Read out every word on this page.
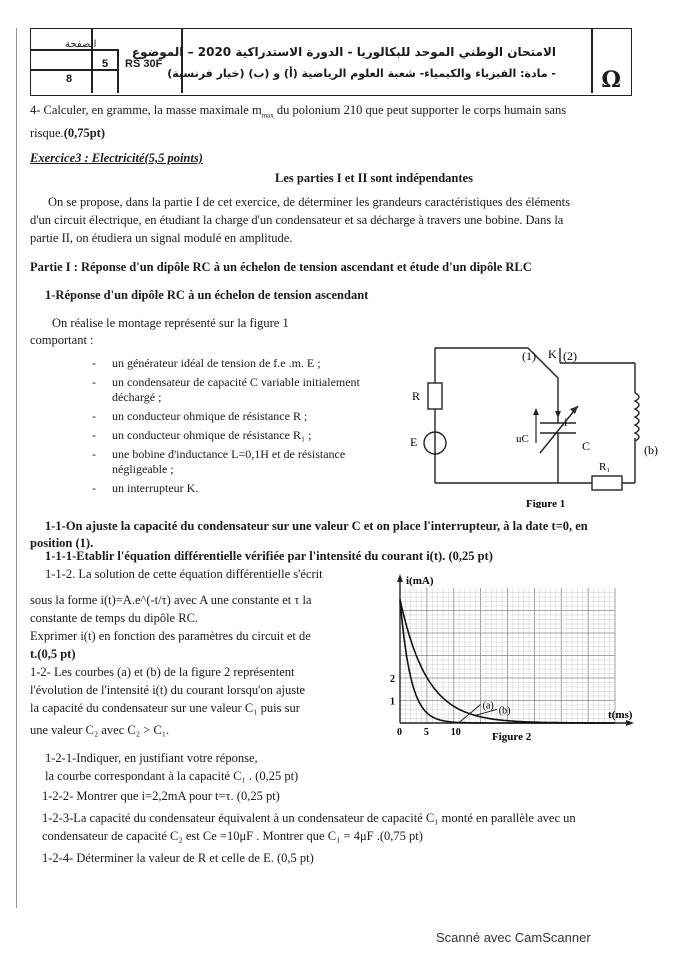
الصفحة
5
8
RS 30F
الامتحان الوطني الموحد للبكالوريا - الدورة الاستدراكية 2020 – الموضوع
- مادة: الفيزياء والكيمياء- شعبة العلوم الرياضية (أ) و (ب) (خيار فرنسية) Ω
4- Calculer, en gramme, la masse maximale $m_{max}$ du polonium 210 que peut supporter le corps humain sans
risque.(0,75pt)
Exercice3 : Electricité(5,5 points)
Les parties I et II sont indépendantes
On se propose, dans la partie I de cet exercice, de déterminer les grandeurs caractéristiques des éléments
d'un circuit électrique, en étudiant la charge d'un condensateur et sa décharge à travers une bobine. Dans la
partie II, on étudiera un signal modulé en amplitude.
Partie I : Réponse d'un dipôle RC à un échelon de tension ascendant et étude d'un dipôle RLC
1-Réponse d'un dipôle RC à un échelon de tension ascendant
On réalise le montage représenté sur la figure 1
comportant :
- un générateur idéal de tension de f.e .m. E ;
- un condensateur de capacité C variable initialement déchargé ;
- un conducteur ohmique de résistance R ;
- un conducteur ohmique de résistance R₁ ;
- une bobine d'inductance L=0,1H et de résistance négligeable ;
- un interrupteur K.
(1) K (2)
R
E
i
uC	C	(b)
R₁
Figure 1
1-1-On ajuste la capacité du condensateur sur une valeur C et on place l'interrupteur, à la date t=0, en
position (1).
1-1-1-Etablir l'équation différentielle vérifiée par l'intensité du courant i(t). (0,25 pt)
1-1-2. La solution de cette équation différentielle s'écrit
sous la forme i(t)=A.e^(-t/τ) avec A une constante et τ la
constante de temps du dipôle RC.
Exprimer i(t) en fonction des paramètres du circuit et de
t.(0,5 pt)
1-2- Les courbes (a) et (b) de la figure 2 représentent
l'évolution de l'intensité i(t) du courant lorsqu'on ajuste
la capacité du condensateur sur une valeur C₁ puis sur
une valeur C₂ avec C₂ > C₁.
(a) (b)
0 5 10
1
2
i(mA)
t(ms)
Figure 2
1-2-1-Indiquer, en justifiant votre réponse,
la courbe correspondant à la capacité C₁ . (0,25 pt)
1-2-2- Montrer que i=2,2mA pour t=τ. (0,25 pt)
1-2-3-La capacité du condensateur équivalent à un condensateur de capacité C₁ monté en parallèle avec un
condensateur de capacité C₂ est Ce =10μF . Montrer que C₁ = 4μF .(0,75 pt)
1-2-4- Déterminer la valeur de R et celle de E. (0,5 pt)
Scanné avec CamScanner
